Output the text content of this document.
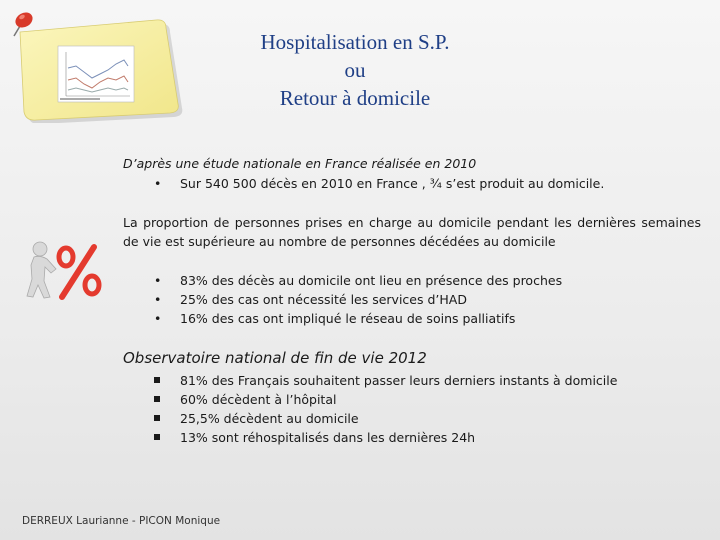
Hospitalisation en S.P.
ou
Retour à domicile
D’après une étude nationale en France réalisée en 2010
•	Sur 540 500 décès en 2010 en France , ¾ s’est produit au domicile.
La proportion de personnes prises en charge au domicile pendant les dernières semaines de vie est supérieure au nombre de personnes décédées au domicile
•	83% des décès au domicile ont lieu en présence des proches
•	25% des cas ont nécessité les services d’HAD
•	16% des cas ont impliqué le réseau de soins palliatifs
Observatoire national de fin de vie 2012
81% des Français souhaitent passer leurs derniers instants à domicile
60% décèdent à l’hôpital
25,5% décèdent au domicile
13% sont réhospitalisés dans les dernières 24h
DERREUX Laurianne - PICON Monique
